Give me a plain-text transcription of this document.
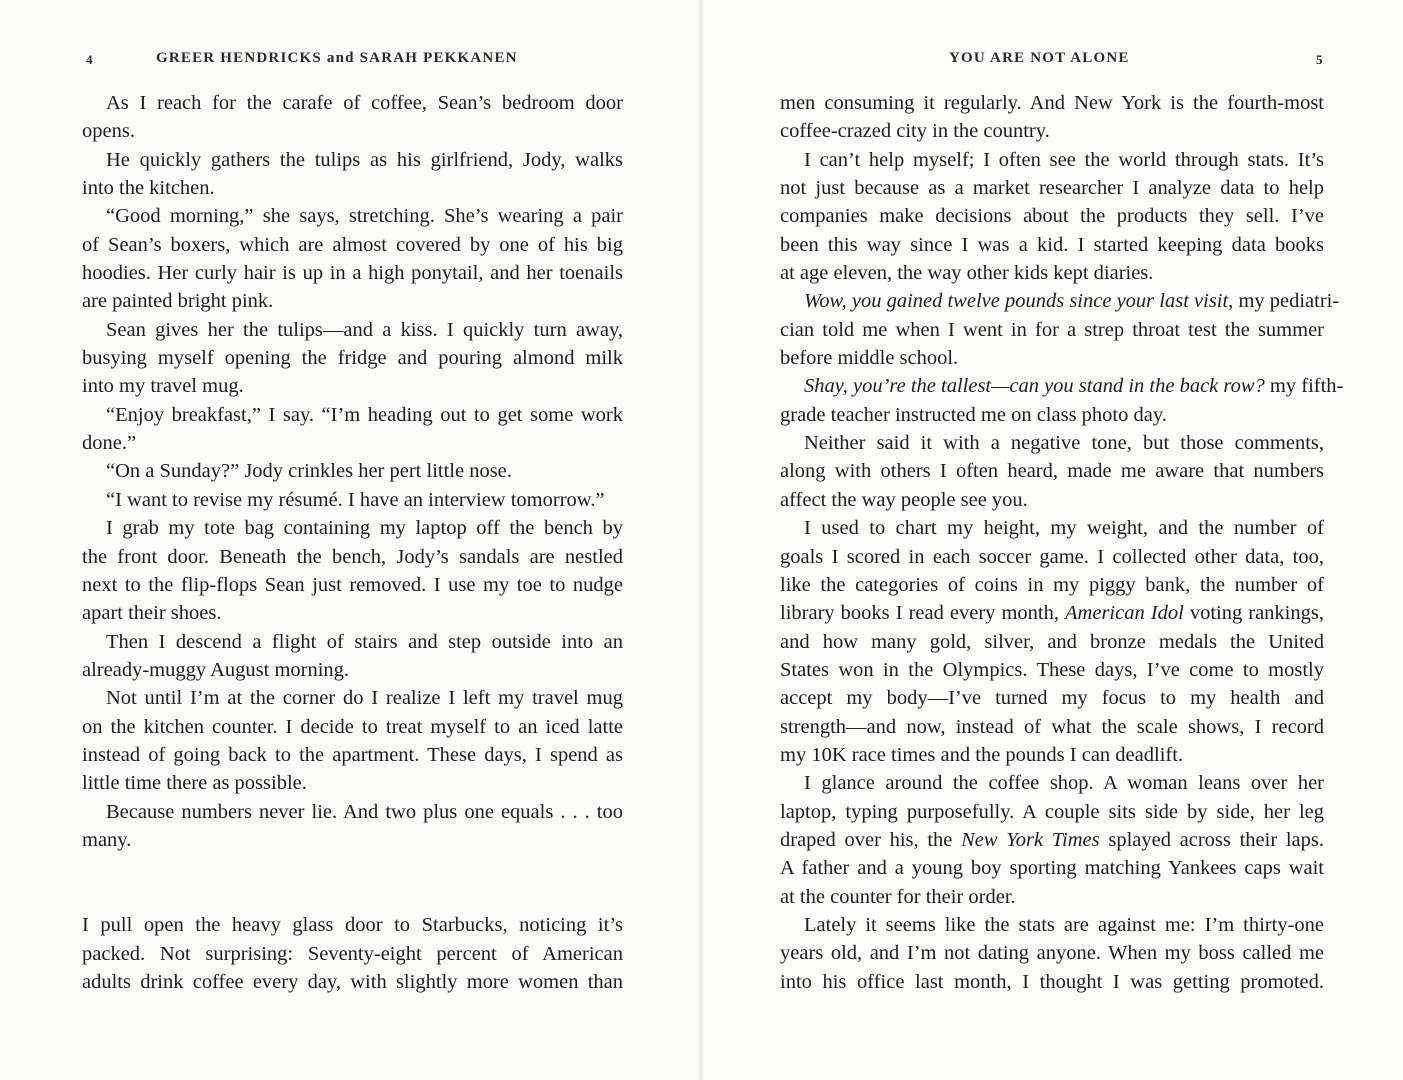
4	GREER HENDRICKS and SARAH PEKKANEN
As I reach for the carafe of coffee, Sean’s bedroom door
opens.
He quickly gathers the tulips as his girlfriend, Jody, walks
into the kitchen.
“Good morning,” she says, stretching. She’s wearing a pair
of Sean’s boxers, which are almost covered by one of his big
hoodies. Her curly hair is up in a high ponytail, and her toenails
are painted bright pink.
Sean gives her the tulips—and a kiss. I quickly turn away,
busying myself opening the fridge and pouring almond milk
into my travel mug.
“Enjoy breakfast,” I say. “I’m heading out to get some work
done.”
“On a Sunday?” Jody crinkles her pert little nose.
“I want to revise my résumé. I have an interview tomorrow.”
I grab my tote bag containing my laptop off the bench by
the front door. Beneath the bench, Jody’s sandals are nestled
next to the flip-flops Sean just removed. I use my toe to nudge
apart their shoes.
Then I descend a flight of stairs and step outside into an
already-muggy August morning.
Not until I’m at the corner do I realize I left my travel mug
on the kitchen counter. I decide to treat myself to an iced latte
instead of going back to the apartment. These days, I spend as
little time there as possible.
Because numbers never lie. And two plus one equals . . . too
many.
I pull open the heavy glass door to Starbucks, noticing it’s
packed. Not surprising: Seventy-eight percent of American
adults drink coffee every day, with slightly more women than
YOU ARE NOT ALONE	5
men consuming it regularly. And New York is the fourth-most
coffee-crazed city in the country.
I can’t help myself; I often see the world through stats. It’s
not just because as a market researcher I analyze data to help
companies make decisions about the products they sell. I’ve
been this way since I was a kid. I started keeping data books
at age eleven, the way other kids kept diaries.
Wow, you gained twelve pounds since your last visit, my pediatri-
cian told me when I went in for a strep throat test the summer
before middle school.
Shay, you’re the tallest—can you stand in the back row? my fifth-
grade teacher instructed me on class photo day.
Neither said it with a negative tone, but those comments,
along with others I often heard, made me aware that numbers
affect the way people see you.
I used to chart my height, my weight, and the number of
goals I scored in each soccer game. I collected other data, too,
like the categories of coins in my piggy bank, the number of
library books I read every month, American Idol voting rankings,
and how many gold, silver, and bronze medals the United
States won in the Olympics. These days, I’ve come to mostly
accept my body—I’ve turned my focus to my health and
strength—and now, instead of what the scale shows, I record
my 10K race times and the pounds I can deadlift.
I glance around the coffee shop. A woman leans over her
laptop, typing purposefully. A couple sits side by side, her leg
draped over his, the New York Times splayed across their laps.
A father and a young boy sporting matching Yankees caps wait
at the counter for their order.
Lately it seems like the stats are against me: I’m thirty-one
years old, and I’m not dating anyone. When my boss called me
into his office last month, I thought I was getting promoted.
